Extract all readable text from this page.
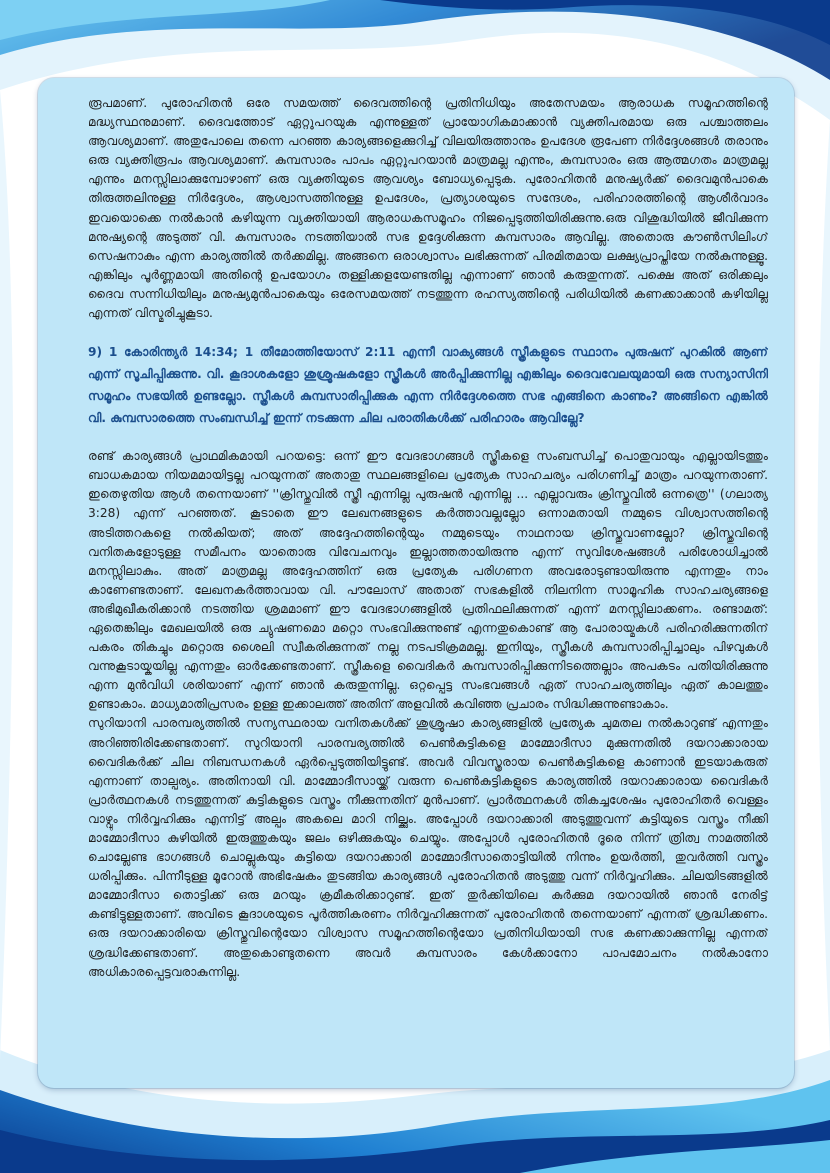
രൂപമാണ്. പുരോഹിതൻ ഒരേ സമയത്ത് ദൈവത്തിന്റെ പ്രതിനിധിയും അതേസമയം ആരാധക സമൂഹത്തിന്റെ മദ്ധ്യസ്ഥനുമാണ്. ദൈവത്തോട് ഏറ്റുപറയുക എന്നുള്ളത് പ്രായോഗികമാക്കാൻ വ്യക്തിപരമായ ഒരു പശ്ചാത്തലം ആവശ്യമാണ്. അതുപോലെ തന്നെ പറഞ്ഞ കാര്യങ്ങളെക്കുറിച്ച് വിലയിരുത്താനും ഉപദേശ രൂപേണ നിർദ്ദേശങ്ങൾ തരാനും ഒരു വ്യക്തിരൂപം ആവശ്യമാണ്. കുമ്പസാരം പാപം ഏറ്റുപറയാൻ മാത്രമല്ല എന്നും, കുമ്പസാരം ഒരു ആത്മഗതം മാത്രമല്ല എന്നും മനസ്സിലാക്കുമ്പോഴാണ് ഒരു വ്യക്തിയുടെ ആവശ്യം ബോധ്യപ്പെടുക. പുരോഹിതൻ മനുഷ്യർക്ക് ദൈവമുൻപാകെ തിരുത്തലിനുള്ള നിർദ്ദേശം, ആശ്വാസത്തിനുള്ള ഉപദേശം, പ്രത്യാശയുടെ സന്ദേശം, പരിഹാരത്തിന്റെ ആശീർവാദം ഇവയൊക്കെ നൽകാൻ കഴിയുന്ന വ്യക്തിയായി ആരാധകസമൂഹം നിജപ്പെടുത്തിയിരിക്കുന്നു.ഒരു വിശുദ്ധിയിൽ ജീവിക്കുന്ന മനുഷ്യന്റെ അടുത്ത് വി. കുമ്പസാരം നടത്തിയാൽ സഭ ഉദ്ദേശിക്കുന്ന കുമ്പസാരം ആവില്ല. അതൊരു കൗൺസിലിംഗ് സെഷനാകും എന്ന കാര്യത്തിൽ തർക്കമില്ല. അങ്ങനെ ഒരാശ്വാസം ലഭിക്കുന്നത് പിരമിതമായ ലക്ഷ്യപ്രാപ്തിയേ നൽകുന്നുള്ളൂ. എങ്കിലും പൂർണ്ണമായി അതിന്റെ ഉപയോഗം തള്ളിക്കളയേണ്ടതില്ല എന്നാണ് ഞാൻ കരുതുന്നത്. പക്ഷെ അത് ഒരിക്കലും ദൈവ സന്നിധിയിലും മനുഷ്യമുൻപാകെയും ഒരേസമയത്ത് നടത്തുന്ന രഹസ്യത്തിന്റെ പരിധിയിൽ കണക്കാക്കാൻ കഴിയില്ല എന്നത് വിസ്മരിച്ചുകൂടാ.

9) 1 കോരിന്ത്യർ 14:34; 1 തീമോത്തിയോസ് 2:11 എന്നീ വാക്യങ്ങൾ സ്ത്രീകളുടെ സ്ഥാനം പുരുഷന് പുറകിൽ ആണ് എന്ന് സൂചിപ്പിക്കുന്നു. വി. കൂദാശകളോ ശുശ്രൂഷകളോ സ്ത്രീകൾ അർപ്പിക്കുന്നില്ല എങ്കിലും ദൈവവേലയുമായി ഒരു സന്യാസിനി സമൂഹം സഭയിൽ ഉണ്ടല്ലോ. സ്ത്രീകൾ കുമ്പസാരിപ്പിക്കുക എന്ന നിർദ്ദേശത്തെ സഭ എങ്ങിനെ കാണും? അങ്ങിനെ എങ്കിൽ വി. കുമ്പസാരത്തെ സംബന്ധിച്ച് ഇന്ന് നടക്കുന്ന ചില പരാതികൾക്ക് പരിഹാരം ആവില്ലേ?

രണ്ട് കാര്യങ്ങൾ പ്രാഥമികമായി പറയട്ടെ: ഒന്ന് ഈ വേദഭാഗങ്ങൾ സ്ത്രീകളെ സംബന്ധിച്ച് പൊതുവായും എല്ലായിടത്തും ബാധകമായ നിയമമായിട്ടല്ല പറയുന്നത് അതാതു സ്ഥലങ്ങളിലെ പ്രത്യേക സാഹചര്യം പരിഗണിച്ച് മാത്രം പറയുന്നതാണ്. ഇതെഴുതിയ ആൾ തന്നെയാണ് ''ക്രിസ്തുവിൽ സ്ത്രീ എന്നില്ല പുരുഷൻ എന്നില്ല ... എല്ലാവരും ക്രിസ്തുവിൽ ഒന്നത്രെ'' (ഗലാത്യ 3:28) എന്ന് പറഞ്ഞത്. കൂടാതെ ഈ ലേഖനങ്ങളുടെ കർത്താവല്ലല്ലോ ഒന്നാമതായി നമ്മുടെ വിശ്വാസത്തിന്റെ അടിത്തറകളെ നൽകിയത്; അത് അദ്ദേഹത്തിന്റെയും നമ്മുടെയും നാഥനായ ക്രിസ്തുവാണല്ലോ? ക്രിസ്തുവിന്റെ വനിതകളോടുള്ള സമീപനം യാതൊരു വിവേചനവും ഇല്ലാത്തതായിരുന്നു എന്ന് സുവിശേഷങ്ങൾ പരിശോധിച്ചാൽ മനസ്സിലാകും. അത് മാത്രമല്ല അദ്ദേഹത്തിന് ഒരു പ്രത്യേക പരിഗണന അവരോടുണ്ടായിരുന്നു എന്നതും നാം കാണേണ്ടതാണ്. ലേഖനകർത്താവായ വി. പൗലോസ് അതാത് സഭകളിൽ നിലനിന്ന സാമൂഹിക സാഹചര്യങ്ങളെ അഭിമുഖീകരിക്കാൻ നടത്തിയ ശ്രമമാണ് ഈ വേദഭാഗങ്ങളിൽ പ്രതിഫലിക്കുന്നത് എന്ന് മനസ്സിലാക്കണം. രണ്ടാമത്: ഏതെങ്കിലും മേഖലയിൽ ഒരു ച്യുഷണമൊ മറ്റൊ സംഭവിക്കുന്നുണ്ട് എന്നതുകൊണ്ട് ആ പോരായ്മകൾ പരിഹരിക്കുന്നതിന് പകരം തികച്ചും മറ്റൊരു ശൈലി സ്വീകരിക്കുന്നത് നല്ല നടപടിക്രമമല്ല. ഇനിയും, സ്ത്രീകൾ കുമ്പസാരിപ്പിച്ചാലും പിഴവുകൾ വന്നുകൂടായ്കയില്ല എന്നതും ഓർക്കേണ്ടതാണ്. സ്ത്രീകളെ വൈദികർ കുമ്പസാരിപ്പിക്കുന്നിടത്തെല്ലാം അപകടം പതിയിരിക്കുന്നു എന്ന മുൻവിധി ശരിയാണ് എന്ന് ഞാൻ കരുതുന്നില്ല. ഒറ്റപ്പെട്ട സംഭവങ്ങൾ ഏത് സാഹചര്യത്തിലും ഏത് കാലത്തും ഉണ്ടാകാം. മാധ്യമാതിപ്രസരം ഉള്ള ഇക്കാലത്ത് അതിന് അളവിൽ കവിഞ്ഞ പ്രചാരം സിദ്ധിക്കുന്നുണ്ടാകാം.

സുറിയാനി പാരമ്പര്യത്തിൽ സന്യസ്ഥരായ വനിതകൾക്ക് ശുശ്രൂഷാ കാര്യങ്ങളിൽ പ്രത്യേക ചുമതല നൽകാറുണ്ട് എന്നതും അറിഞ്ഞിരിക്കേണ്ടതാണ്. സുറിയാനി പാരമ്പര്യത്തിൽ പെൺകുട്ടികളെ മാമ്മോദീസാ മുക്കുന്നതിൽ ദയറാക്കാരായ വൈദികർക്ക് ചില നിബന്ധനകൾ ഏർപ്പെടുത്തിയിട്ടുണ്ട്. അവർ വിവസ്ത്രരായ പെൺകുട്ടികളെ കാണാൻ ഇടയാകരുത് എന്നാണ് താല്പര്യം. അതിനായി വി. മാമ്മോദീസായ്ക്ക് വരുന്ന പെൺകുട്ടികളുടെ കാര്യത്തിൽ ദയറാക്കാരായ വൈദികർ പ്രാർത്ഥനകൾ നടത്തുന്നത് കുട്ടികളുടെ വസ്ത്രം നീക്കുന്നതിന് മുൻപാണ്. പ്രാർത്ഥനകൾ തികച്ചശേഷം പുരോഹിതർ വെള്ളം വാഴ്വും നിർവ്വഹിക്കും എന്നിട്ട് അല്പം അകലെ മാറി നില്ക്കും. അപ്പോൾ ദയറാക്കാരി അടുത്തുവന്ന് കുട്ടിയുടെ വസ്ത്രം നീക്കി മാമ്മോദീസാ കുഴിയിൽ ഇരുത്തുകയും ജലം ഒഴിക്കുകയും ചെയ്യും. അപ്പോൾ പുരോഹിതൻ ദൂരെ നിന്ന് ത്രിത്വ നാമത്തിൽ ചൊല്ലേണ്ട ഭാഗങ്ങൾ ചൊല്ലുകയും കുട്ടിയെ ദയറാക്കാരി മാമ്മോദീസാതൊട്ടിയിൽ നിന്നും ഉയർത്തി, തുവർത്തി വസ്ത്രം ധരിപ്പിക്കും. പിന്നീടുള്ള മൂറോൻ അഭിഷേകം തുടങ്ങിയ കാര്യങ്ങൾ പുരോഹിതൻ അടുത്തു വന്ന് നിർവ്വഹിക്കും. ചിലയിടങ്ങളിൽ മാമ്മോദീസാ തൊട്ടിക്ക് ഒരു മറയും ക്രമീകരിക്കാറുണ്ട്. ഇത് തുർക്കിയിലെ കുർക്കുമ ദയറായിൽ ഞാൻ നേരിട്ട് കണ്ടിട്ടുള്ളതാണ്. അവിടെ കൂദാശയുടെ പൂർത്തികരണം നിർവ്വഹിക്കുന്നത് പുരോഹിതൻ തന്നെയാണ് എന്നത് ശ്രദ്ധിക്കണം. ഒരു ദയറാക്കാരിയെ ക്രിസ്തുവിന്റെയോ വിശ്വാസ സമൂഹത്തിന്റെയോ പ്രതിനിധിയായി സഭ കണക്കാക്കുന്നില്ല എന്നത് ശ്രദ്ധിക്കേണ്ടതാണ്. അതുകൊണ്ടുതന്നെ അവർ കുമ്പസാരം കേൾക്കാനോ പാപമോചനം നൽകാനോ അധികാരപ്പെട്ടവരാകുന്നില്ല.
